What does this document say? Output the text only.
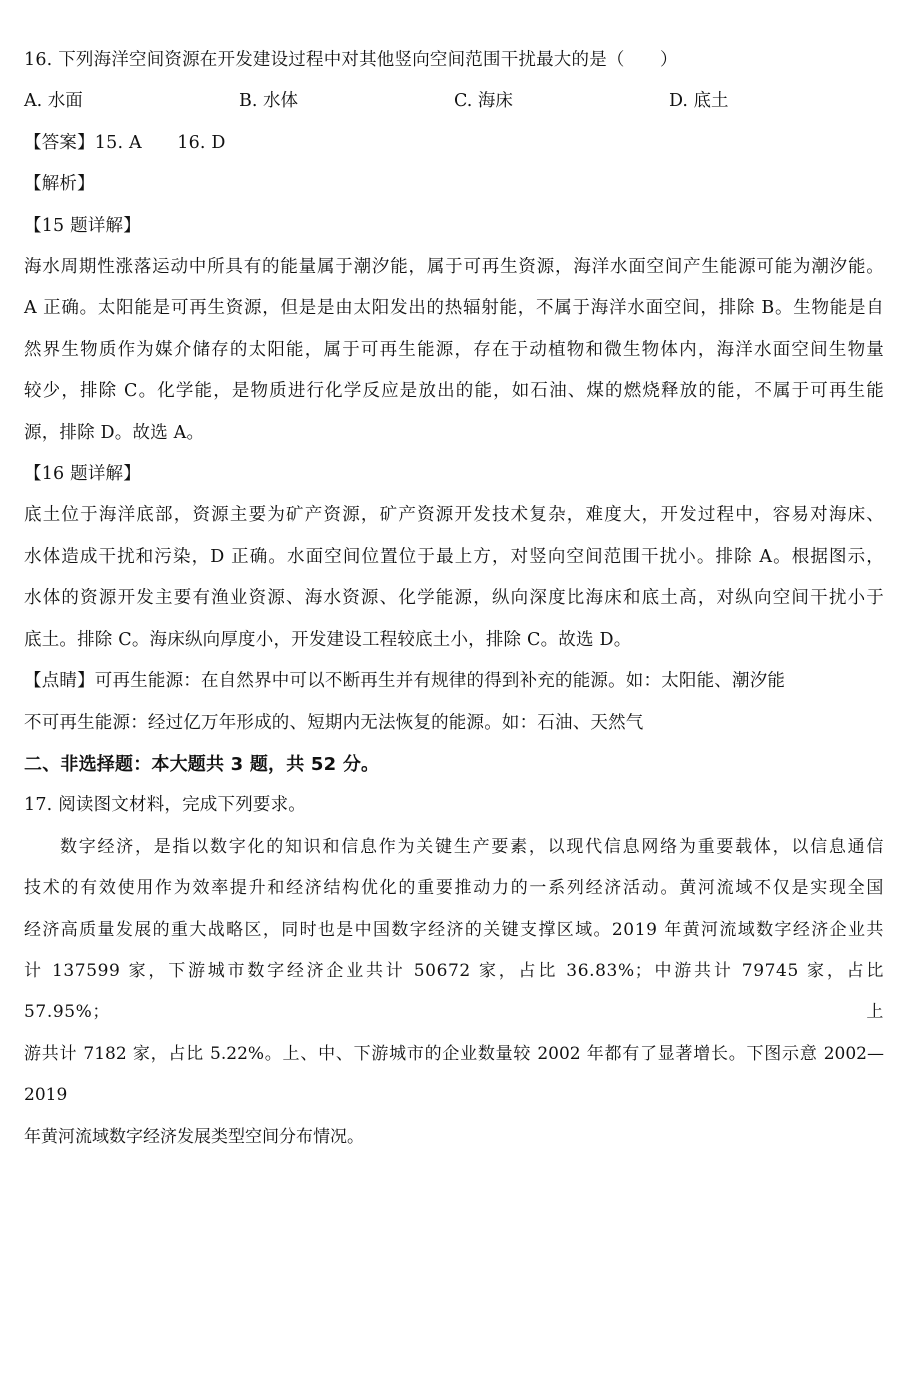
16. 下列海洋空间资源在开发建设过程中对其他竖向空间范围干扰最大的是（　　）
A. 水面	B. 水体	C. 海床	D. 底土
【答案】15. A　　16. D
【解析】
【15 题详解】
海水周期性涨落运动中所具有的能量属于潮汐能，属于可再生资源，海洋水面空间产生能源可能为潮汐能。
A 正确。太阳能是可再生资源，但是是由太阳发出的热辐射能，不属于海洋水面空间，排除 B。生物能是自
然界生物质作为媒介储存的太阳能，属于可再生能源，存在于动植物和微生物体内，海洋水面空间生物量
较少，排除 C。化学能，是物质进行化学反应是放出的能，如石油、煤的燃烧释放的能，不属于可再生能
源，排除 D。故选 A。
【16 题详解】
底土位于海洋底部，资源主要为矿产资源，矿产资源开发技术复杂，难度大，开发过程中，容易对海床、
水体造成干扰和污染，D 正确。水面空间位置位于最上方，对竖向空间范围干扰小。排除 A。根据图示，
水体的资源开发主要有渔业资源、海水资源、化学能源，纵向深度比海床和底土高，对纵向空间干扰小于
底土。排除 C。海床纵向厚度小，开发建设工程较底土小，排除 C。故选 D。
【点睛】可再生能源：在自然界中可以不断再生并有规律的得到补充的能源。如：太阳能、潮汐能
不可再生能源：经过亿万年形成的、短期内无法恢复的能源。如：石油、天然气
二、非选择题：本大题共 3 题，共 52 分。
17. 阅读图文材料，完成下列要求。
数字经济，是指以数字化的知识和信息作为关键生产要素，以现代信息网络为重要载体，以信息通信
技术的有效使用作为效率提升和经济结构优化的重要推动力的一系列经济活动。黄河流域不仅是实现全国
经济高质量发展的重大战略区，同时也是中国数字经济的关键支撑区域。2019 年黄河流域数字经济企业共
计 137599 家，下游城市数字经济企业共计 50672 家，占比 36.83%；中游共计 79745 家，占比 57.95%；上
游共计 7182 家，占比 5.22%。上、中、下游城市的企业数量较 2002 年都有了显著增长。下图示意 2002—2019
年黄河流域数字经济发展类型空间分布情况。
